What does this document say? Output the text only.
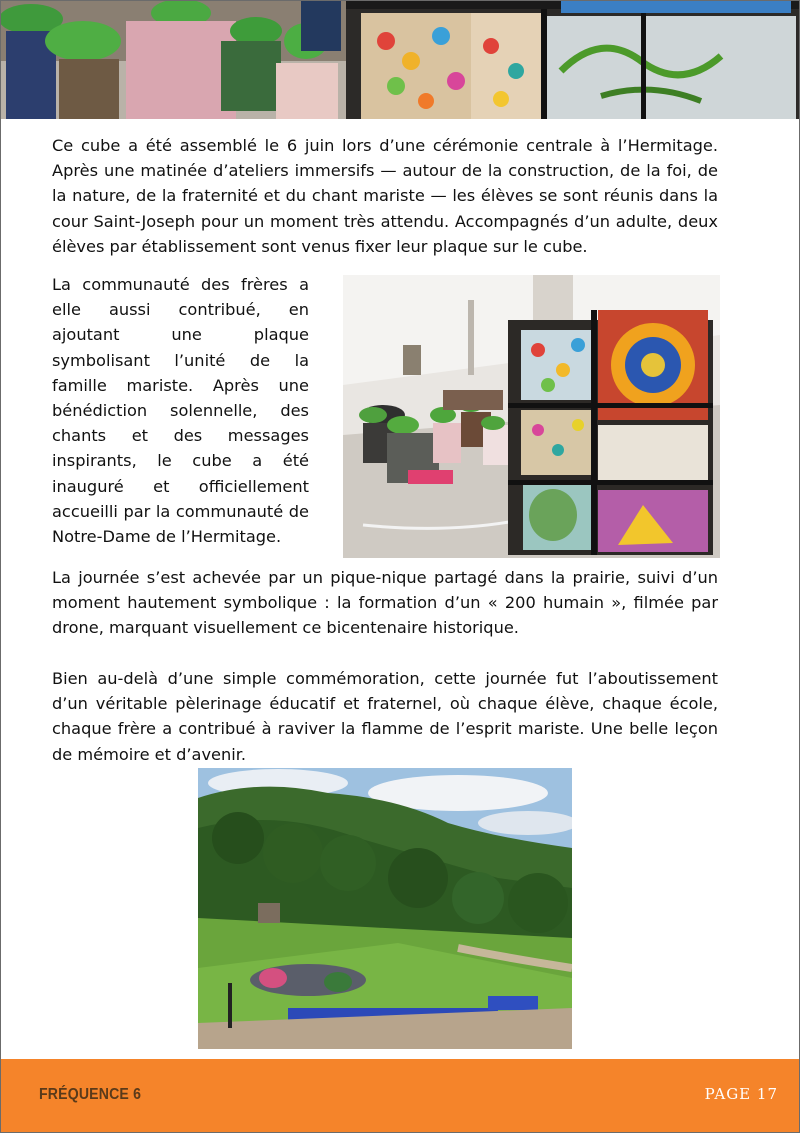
Ce cube a été assemblé le 6 juin lors d’une cérémonie centrale à l’Hermitage. Après une matinée d’ateliers immersifs — autour de la construction, de la foi, de la nature, de la fraternité et du chant mariste — les élèves se sont réunis dans la cour Saint-Joseph pour un moment très attendu. Accompagnés d’un adulte, deux élèves par établissement sont venus fixer leur plaque sur le cube.

La communauté des frères a elle aussi contribué, en ajoutant une plaque symbolisant l’unité de la famille mariste. Après une bénédiction solennelle, des chants et des messages inspirants, le cube a été inauguré et officiellement accueilli par la communauté de Notre-Dame de l’Hermitage.

La journée s’est achevée par un pique-nique partagé dans la prairie, suivi d’un moment hautement symbolique : la formation d’un « 200 humain », filmée par drone, marquant visuellement ce bicentenaire historique.

Bien au-delà d’une simple commémoration, cette journée fut l’aboutissement d’un véritable pèlerinage éducatif et fraternel, où chaque élève, chaque école, chaque frère a contribué à raviver la flamme de l’esprit mariste. Une belle leçon de mémoire et d’avenir.

FRÉQUENCE 6	PAGE 17
